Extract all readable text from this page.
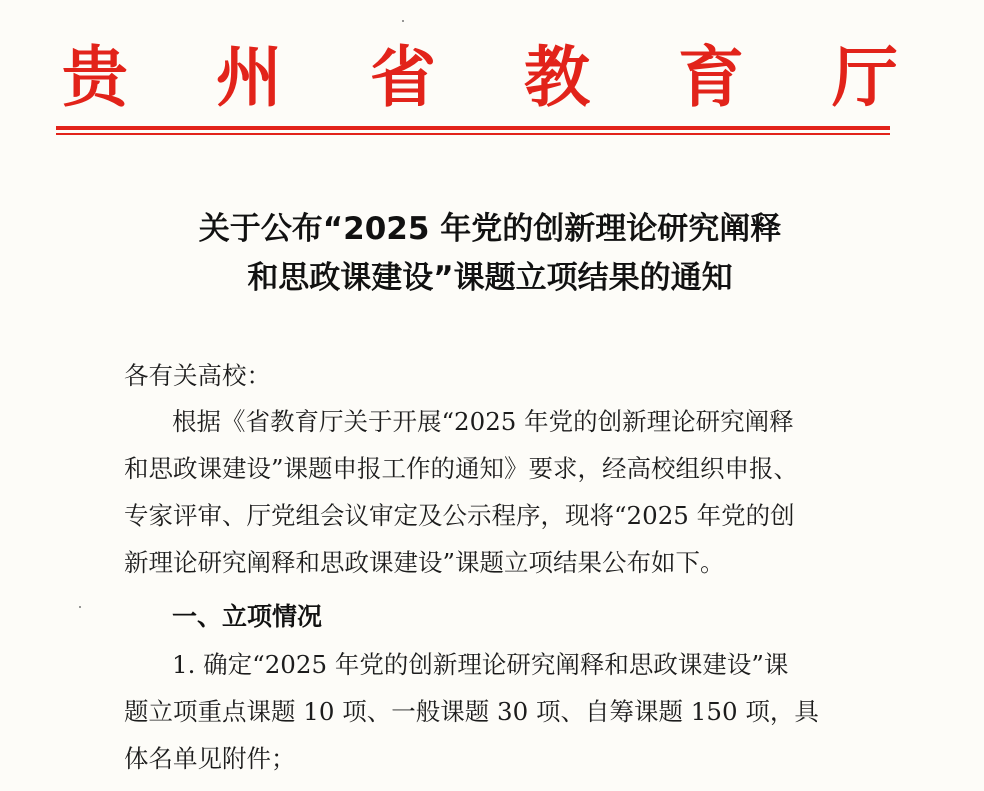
贵 州 省 教 育 厅
关于公布“2025 年党的创新理论研究阐释
和思政课建设”课题立项结果的通知
各有关高校：
根据《省教育厅关于开展“2025 年党的创新理论研究阐释
和思政课建设”课题申报工作的通知》要求，经高校组织申报、
专家评审、厅党组会议审定及公示程序，现将“2025 年党的创
新理论研究阐释和思政课建设”课题立项结果公布如下。
一、立项情况
1. 确定“2025 年党的创新理论研究阐释和思政课建设”课
题立项重点课题 10 项、一般课题 30 项、自筹课题 150 项，具
体名单见附件；
